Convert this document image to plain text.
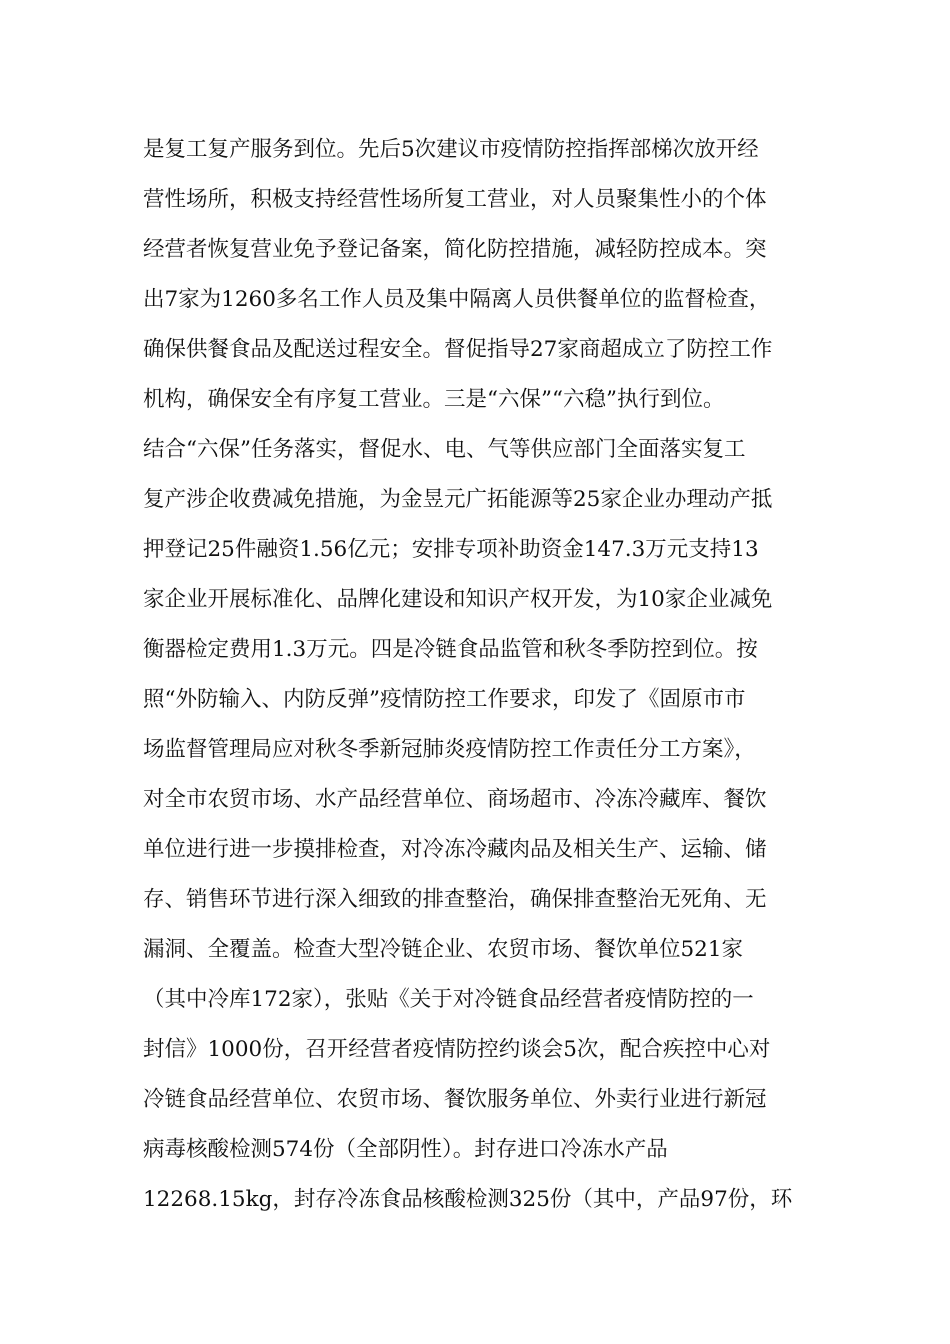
是复工复产服务到位。先后5次建议市疫情防控指挥部梯次放开经
营性场所，积极支持经营性场所复工营业，对人员聚集性小的个体
经营者恢复营业免予登记备案，简化防控措施，减轻防控成本。突
出7家为1260多名工作人员及集中隔离人员供餐单位的监督检查，
确保供餐食品及配送过程安全。督促指导27家商超成立了防控工作
机构，确保安全有序复工营业。三是“六保”“六稳”执行到位。
结合“六保”任务落实，督促水、电、气等供应部门全面落实复工
复产涉企收费减免措施，为金昱元广拓能源等25家企业办理动产抵
押登记25件融资1.56亿元；安排专项补助资金147.3万元支持13
家企业开展标准化、品牌化建设和知识产权开发，为10家企业减免
衡器检定费用1.3万元。四是冷链食品监管和秋冬季防控到位。按
照“外防输入、内防反弹”疫情防控工作要求，印发了《固原市市
场监督管理局应对秋冬季新冠肺炎疫情防控工作责任分工方案》，
对全市农贸市场、水产品经营单位、商场超市、冷冻冷藏库、餐饮
单位进行进一步摸排检查，对冷冻冷藏肉品及相关生产、运输、储
存、销售环节进行深入细致的排查整治，确保排查整治无死角、无
漏洞、全覆盖。检查大型冷链企业、农贸市场、餐饮单位521家
（其中冷库172家），张贴《关于对冷链食品经营者疫情防控的一
封信》1000份，召开经营者疫情防控约谈会5次，配合疾控中心对
冷链食品经营单位、农贸市场、餐饮服务单位、外卖行业进行新冠
病毒核酸检测574份（全部阴性）。封存进口冷冻水产品
12268.15kg，封存冷冻食品核酸检测325份（其中，产品97份，环
